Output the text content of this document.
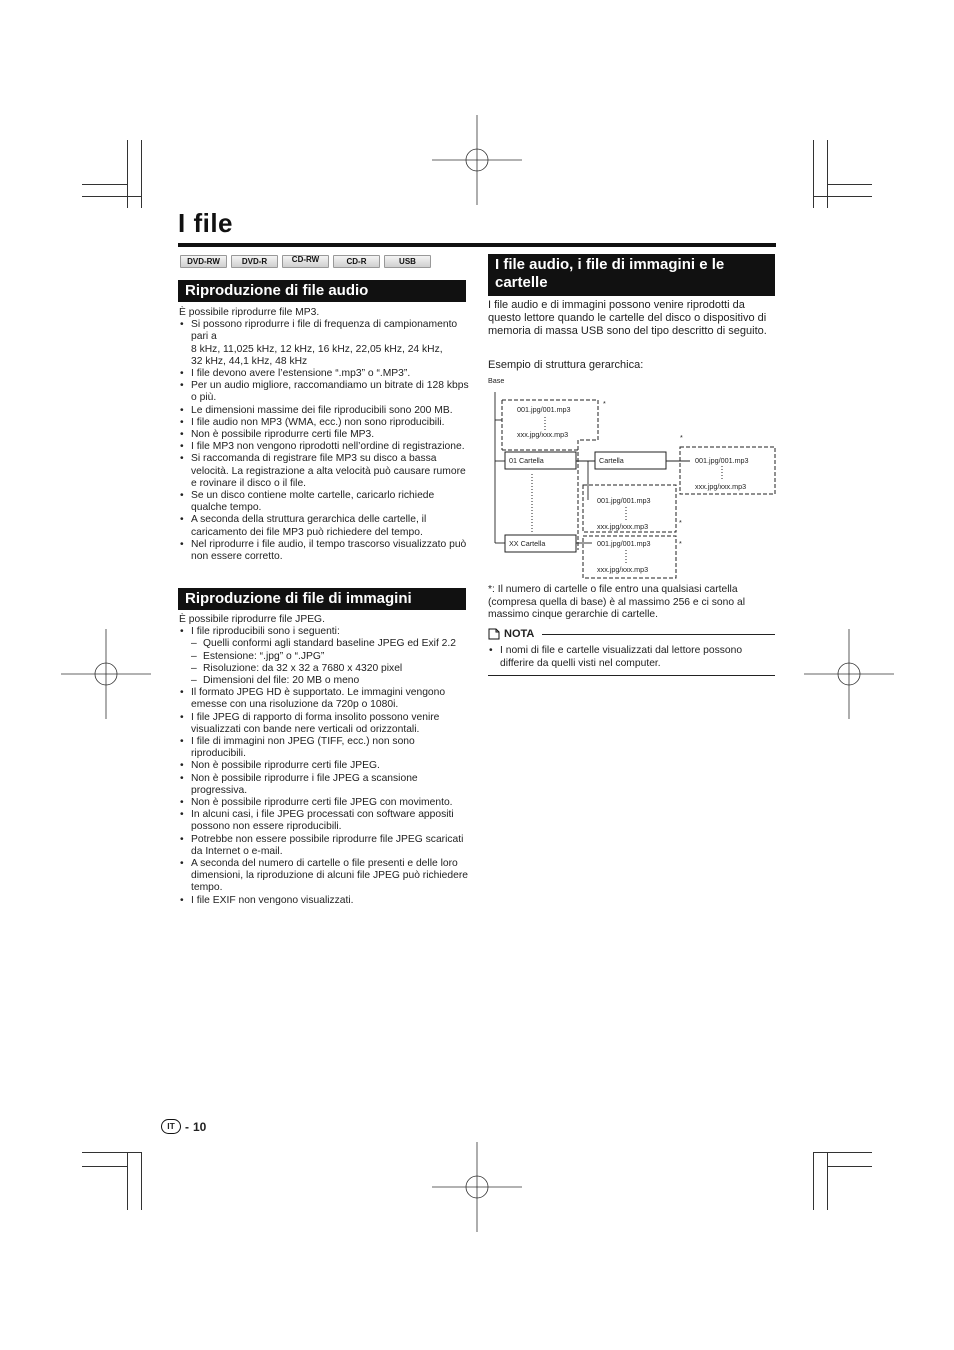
I file
DVD-RW	DVD-R	CD-RW	CD-R	USB
Riproduzione di file audio

È possibile riprodurre file MP3.

• Si possono riprodurre i file di frequenza di campionamento pari a
8 kHz, 11,025 kHz, 12 kHz, 16 kHz, 22,05 kHz, 24 kHz,
32 kHz, 44,1 kHz, 48 kHz
• I file devono avere l’estensione “.mp3” o “.MP3”.
• Per un audio migliore, raccomandiamo un bitrate di 128 kbps o più.
• Le dimensioni massime dei file riproducibili sono 200 MB.
• I file audio non MP3 (WMA, ecc.) non sono riproducibili.
• Non è possibile riprodurre certi file MP3.
• I file MP3 non vengono riprodotti nell’ordine di registrazione.
• Si raccomanda di registrare file MP3 su disco a bassa velocità. La registrazione a alta velocità può causare rumore e rovinare il disco o il file.
• Se un disco contiene molte cartelle, caricarlo richiede qualche tempo.
• A seconda della struttura gerarchica delle cartelle, il caricamento dei file MP3 può richiedere del tempo.
• Nel riprodurre i file audio, il tempo trascorso visualizzato può non essere corretto.
Riproduzione di file di immagini

È possibile riprodurre file JPEG.

• I file riproducibili sono i seguenti:
– Quelli conformi agli standard baseline JPEG ed Exif 2.2
– Estensione: “.jpg” o “.JPG”
– Risoluzione: da 32 x 32 a 7680 x 4320 pixel
– Dimensioni del file: 20 MB o meno
• Il formato JPEG HD è supportato. Le immagini vengono emesse con una risoluzione da 720p o 1080i.
• I file JPEG di rapporto di forma insolito possono venire visualizzati con bande nere verticali od orizzontali.
• I file di immagini non JPEG (TIFF, ecc.) non sono riproducibili.
• Non è possibile riprodurre certi file JPEG.
• Non è possibile riprodurre i file JPEG a scansione progressiva.
• Non è possibile riprodurre certi file JPEG con movimento.
• In alcuni casi, i file JPEG processati con software appositi possono non essere riproducibili.
• Potrebbe non essere possibile riprodurre file JPEG scaricati da Internet o e-mail.
• A seconda del numero di cartelle o file presenti e delle loro dimensioni, la riproduzione di alcuni file JPEG può richiedere tempo.
• I file EXIF non vengono visualizzati.
I file audio, i file di immagini e le cartelle
I file audio e di immagini possono venire riprodotti da questo lettore quando le cartelle del disco o dispositivo di memoria di massa USB sono del tipo descritto di seguito.
Esempio di struttura gerarchica:
Base
001.jpg/001.mp3
xxx.jpg/xxx.mp3
*
01 Cartella
XX Cartella
Cartella	001.jpg/001.mp3
xxx.jpg/xxx.mp3
*
001.jpg/001.mp3
xxx.jpg/xxx.mp3	*
001.jpg/001.mp3
xxx.jpg/xxx.mp3
*
*: Il numero di cartelle o file entro una qualsiasi cartella (compresa quella di base) è al massimo 256 e ci sono al massimo cinque gerarchie di cartelle.
NOTA
• I nomi di file e cartelle visualizzati dal lettore possono differire da quelli visti nel computer.
IT - 10
